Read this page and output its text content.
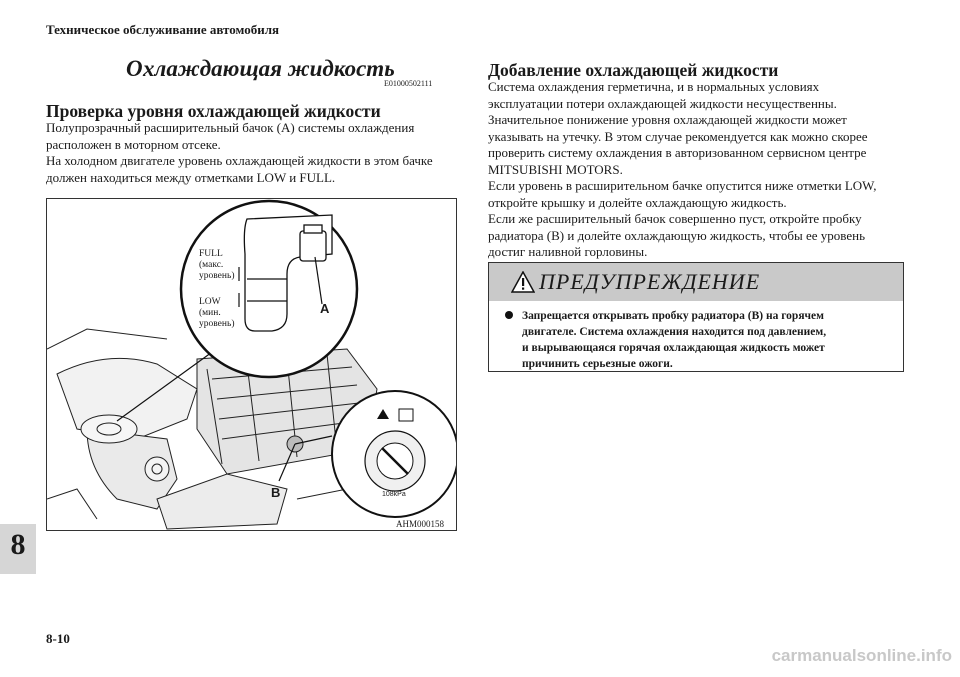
Техническое обслуживание автомобиля
8
8-10
Охлаждающая жидкость
E01000502111
Проверка уровня охлаждающей жидкости
Полупрозрачный расширительный бачок (А) системы охлаждения
расположен в моторном отсеке.
На холодном двигателе уровень охлаждающей жидкости в этом бачке
должен находиться между отметками LOW и FULL.
FULL
(макс.
уровень)
LOW
(мин.
уровень)
A
B	108kPa
AHM000158
Добавление охлаждающей жидкости
Система охлаждения герметична, и в нормальных условиях
эксплуатации потери охлаждающей жидкости несущественны.
Значительное понижение уровня охлаждающей жидкости может
указывать на утечку. В этом случае рекомендуется как можно скорее
проверить систему охлаждения в авторизованном сервисном центре
MITSUBISHI MOTORS.
Если уровень в расширительном бачке опустится ниже отметки LOW,
откройте крышку и долейте охлаждающую жидкость.
Если же расширительный бачок совершенно пуст, откройте пробку
радиатора (B) и долейте охлаждающую жидкость, чтобы ее уровень
достиг наливной горловины.
ПРЕДУПРЕЖДЕНИЕ
Запрещается открывать пробку радиатора (B) на горячем
двигателе. Система охлаждения находится под давлением,
и вырывающаяся горячая охлаждающая жидкость может
причинить серьезные ожоги.
carmanualsonline.info
